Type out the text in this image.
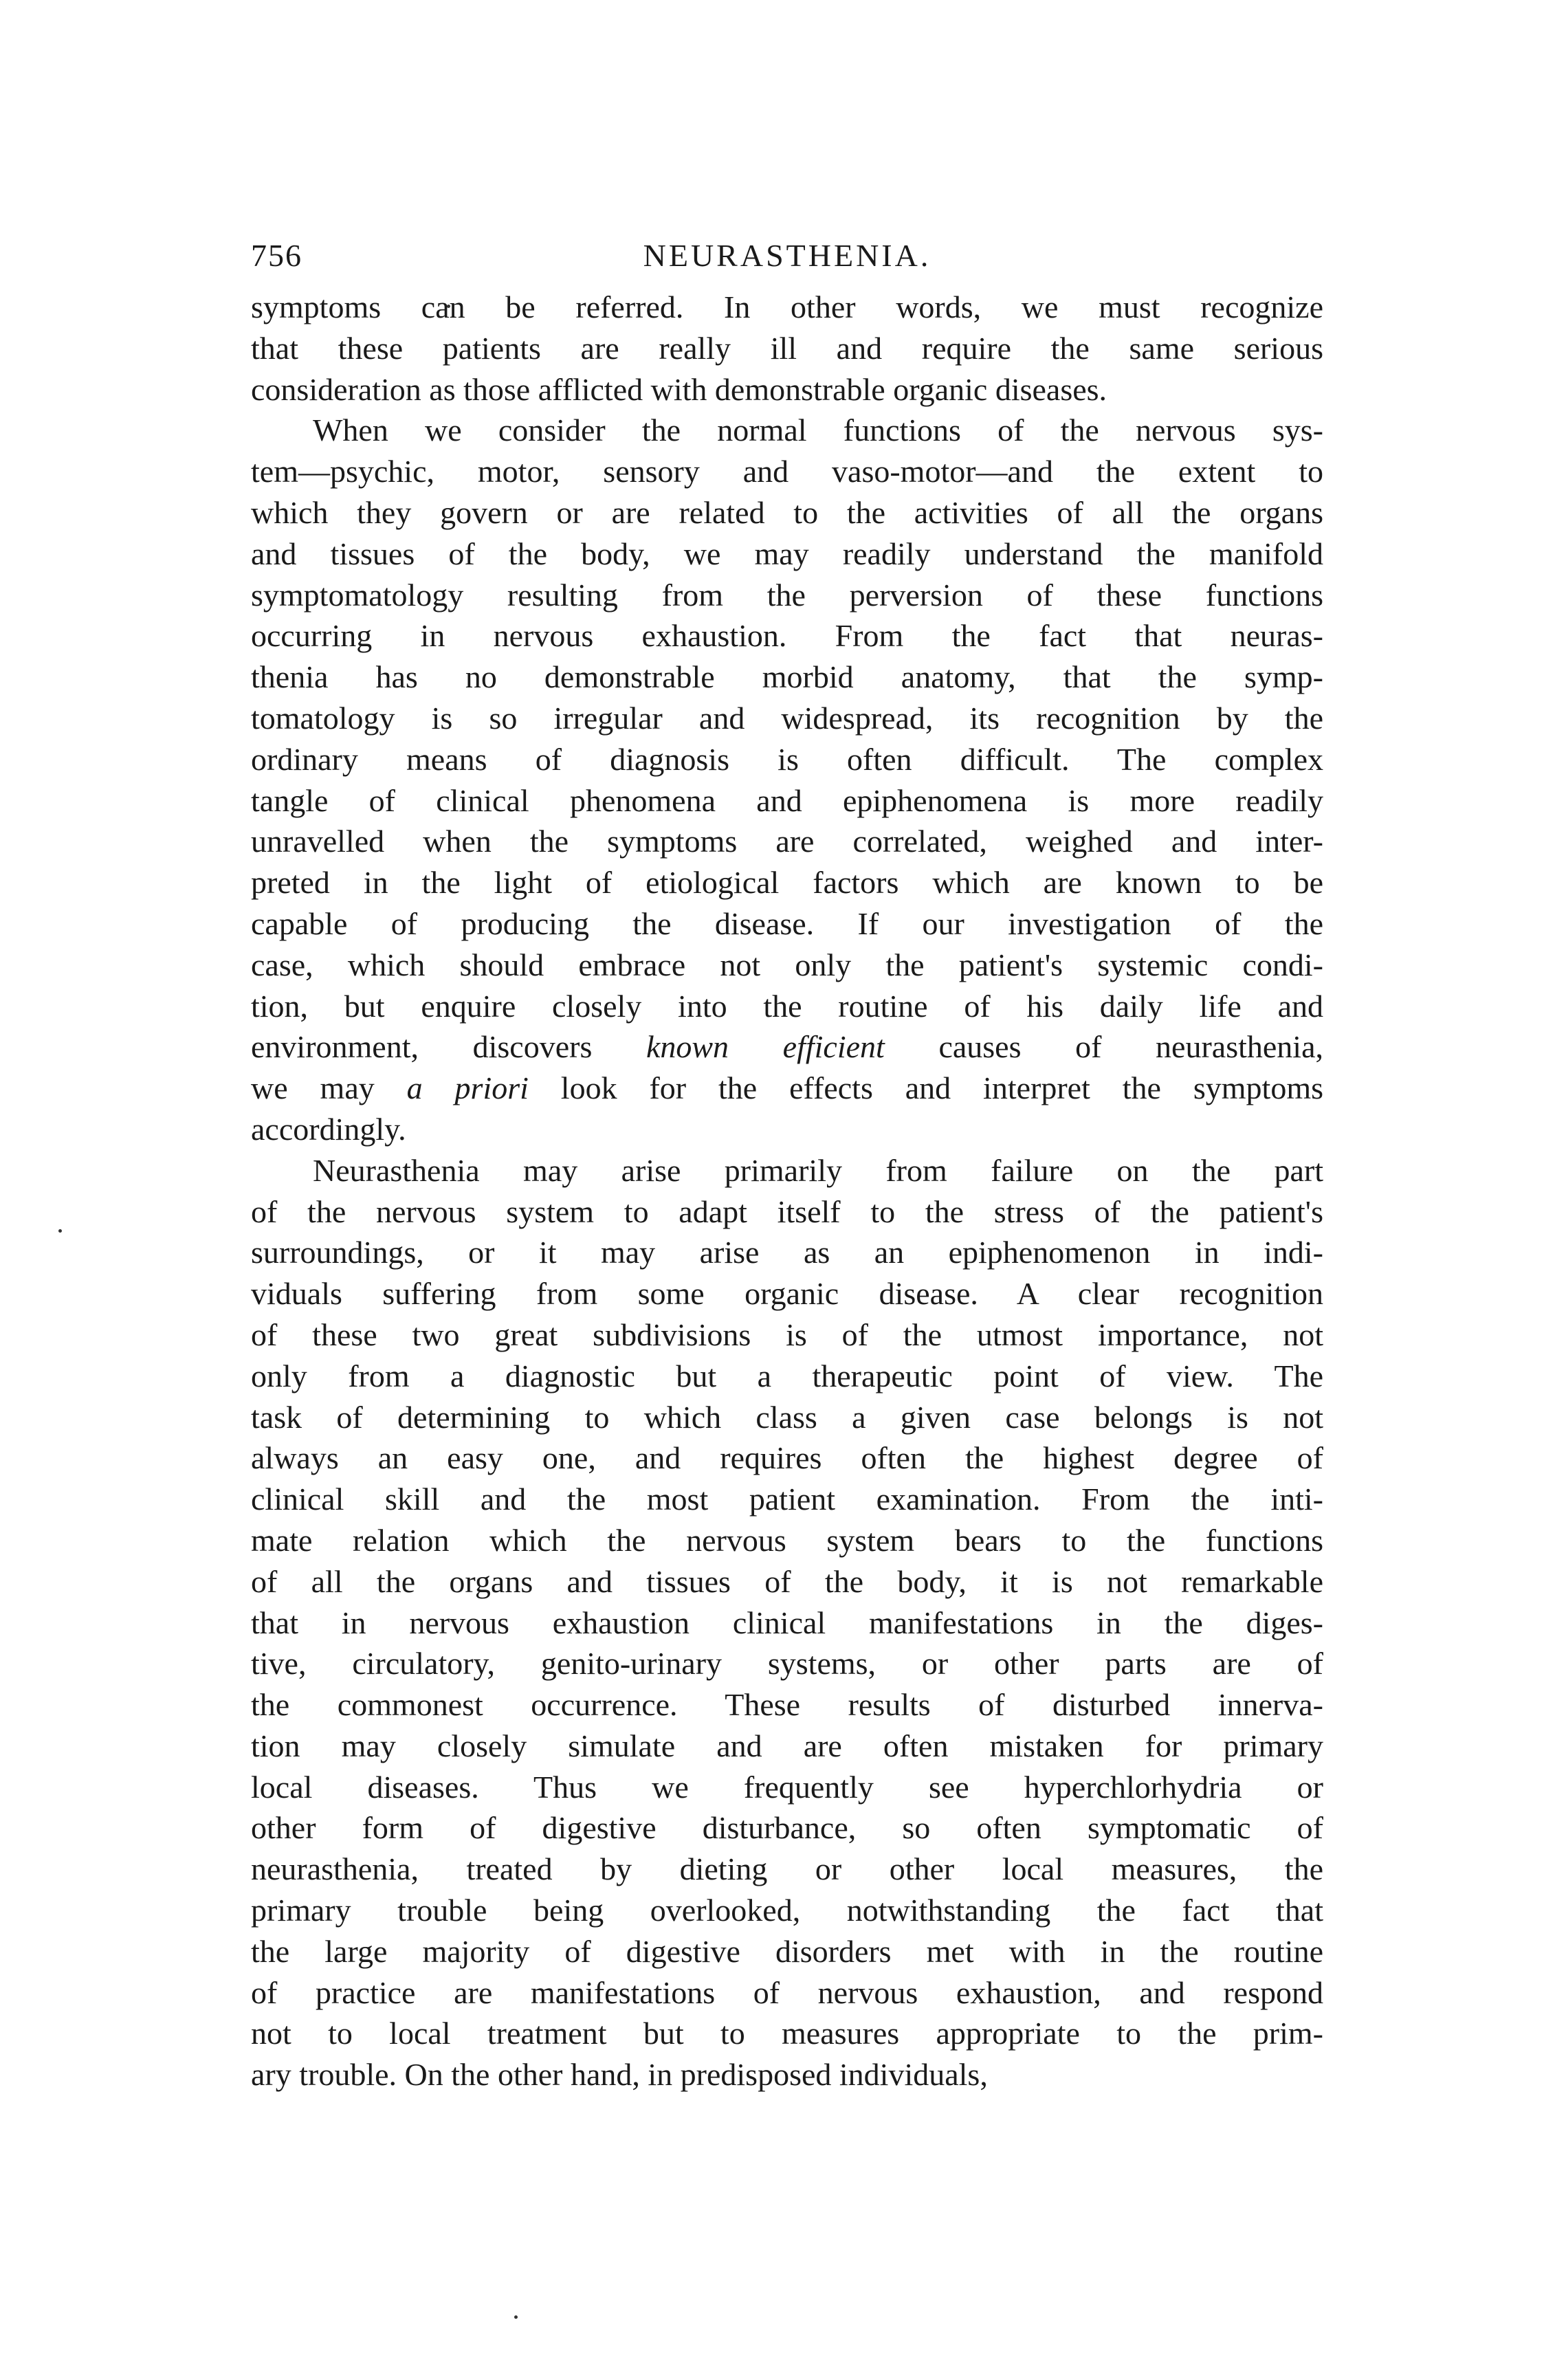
756	NEURASTHENIA.
symptoms can be referred. In other words, we must recognize
that these patients are really ill and require the same serious
consideration as those afflicted with demonstrable organic diseases.
When we consider the normal functions of the nervous sys-
tem—psychic, motor, sensory and vaso-motor—and the extent to
which they govern or are related to the activities of all the organs
and tissues of the body, we may readily understand the manifold
symptomatology resulting from the perversion of these functions
occurring in nervous exhaustion. From the fact that neuras-
thenia has no demonstrable morbid anatomy, that the symp-
tomatology is so irregular and widespread, its recognition by the
ordinary means of diagnosis is often difficult. The complex
tangle of clinical phenomena and epiphenomena is more readily
unravelled when the symptoms are correlated, weighed and inter-
preted in the light of etiological factors which are known to be
capable of producing the disease. If our investigation of the
case, which should embrace not only the patient's systemic condi-
tion, but enquire closely into the routine of his daily life and
environment, discovers known efficient causes of neurasthenia,
we may a priori look for the effects and interpret the symptoms
accordingly.
Neurasthenia may arise primarily from failure on the part
of the nervous system to adapt itself to the stress of the patient's
surroundings, or it may arise as an epiphenomenon in indi-
viduals suffering from some organic disease. A clear recognition
of these two great subdivisions is of the utmost importance, not
only from a diagnostic but a therapeutic point of view. The
task of determining to which class a given case belongs is not
always an easy one, and requires often the highest degree of
clinical skill and the most patient examination. From the inti-
mate relation which the nervous system bears to the functions
of all the organs and tissues of the body, it is not remarkable
that in nervous exhaustion clinical manifestations in the diges-
tive, circulatory, genito-urinary systems, or other parts are of
the commonest occurrence. These results of disturbed innerva-
tion may closely simulate and are often mistaken for primary
local diseases. Thus we frequently see hyperchlorhydria or
other form of digestive disturbance, so often symptomatic of
neurasthenia, treated by dieting or other local measures, the
primary trouble being overlooked, notwithstanding the fact that
the large majority of digestive disorders met with in the routine
of practice are manifestations of nervous exhaustion, and respond
not to local treatment but to measures appropriate to the prim-
ary trouble. On the other hand, in predisposed individuals,
